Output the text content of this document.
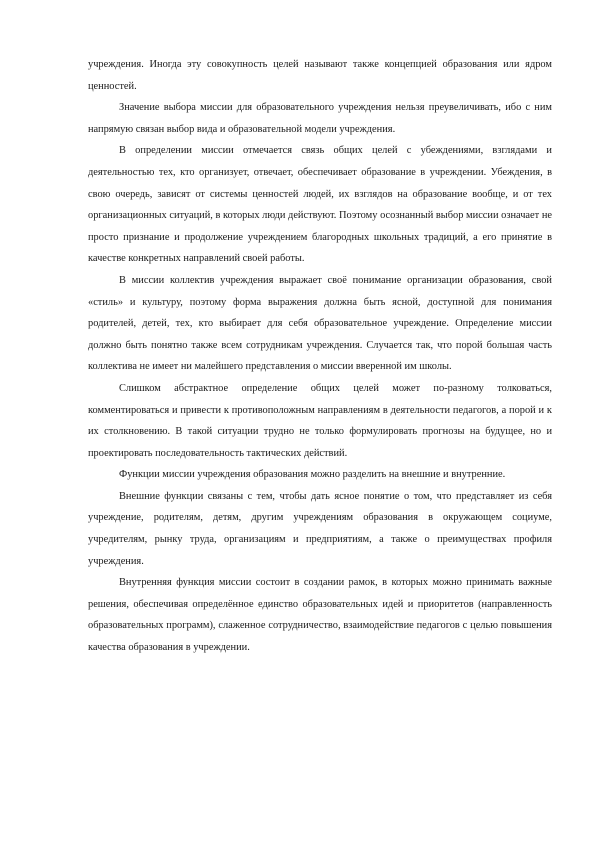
учреждения. Иногда эту совокупность целей называют также концепцией образования или ядром ценностей.

Значение выбора миссии для образовательного учреждения нельзя преувеличивать, ибо с ним напрямую связан выбор вида и образовательной модели учреждения.

В определении миссии отмечается связь общих целей с убеждениями, взглядами и деятельностью тех, кто организует, отвечает, обеспечивает образование в учреждении. Убеждения, в свою очередь, зависят от системы ценностей людей, их взглядов на образование вообще, и от тех организационных ситуаций, в которых люди действуют. Поэтому осознанный выбор миссии означает не просто признание и продолжение учреждением благородных школьных традиций, а его принятие в качестве конкретных направлений своей работы.

В миссии коллектив учреждения выражает своё понимание организации образования, свой «стиль» и культуру, поэтому форма выражения должна быть ясной, доступной для понимания родителей, детей, тех, кто выбирает для себя образовательное учреждение. Определение миссии должно быть понятно также всем сотрудникам учреждения. Случается так, что порой большая часть коллектива не имеет ни малейшего представления о миссии вверенной им школы.

Слишком абстрактное определение общих целей может по-разному толковаться, комментироваться и привести к противоположным направлениям в деятельности педагогов, а порой и к их столкновению. В такой ситуации трудно не только формулировать прогнозы на будущее, но и проектировать последовательность тактических действий.

Функции миссии учреждения образования можно разделить на внешние и внутренние.

Внешние функции связаны с тем, чтобы дать ясное понятие о том, что представляет из себя учреждение, родителям, детям, другим учреждениям образования в окружающем социуме, учредителям, рынку труда, организациям и предприятиям, а также о преимуществах профиля учреждения.

Внутренняя функция миссии состоит в создании рамок, в которых можно принимать важные решения, обеспечивая определённое единство образовательных идей и приоритетов (направленность образовательных программ), слаженное сотрудничество, взаимодействие педагогов с целью повышения качества образования в учреждении.
